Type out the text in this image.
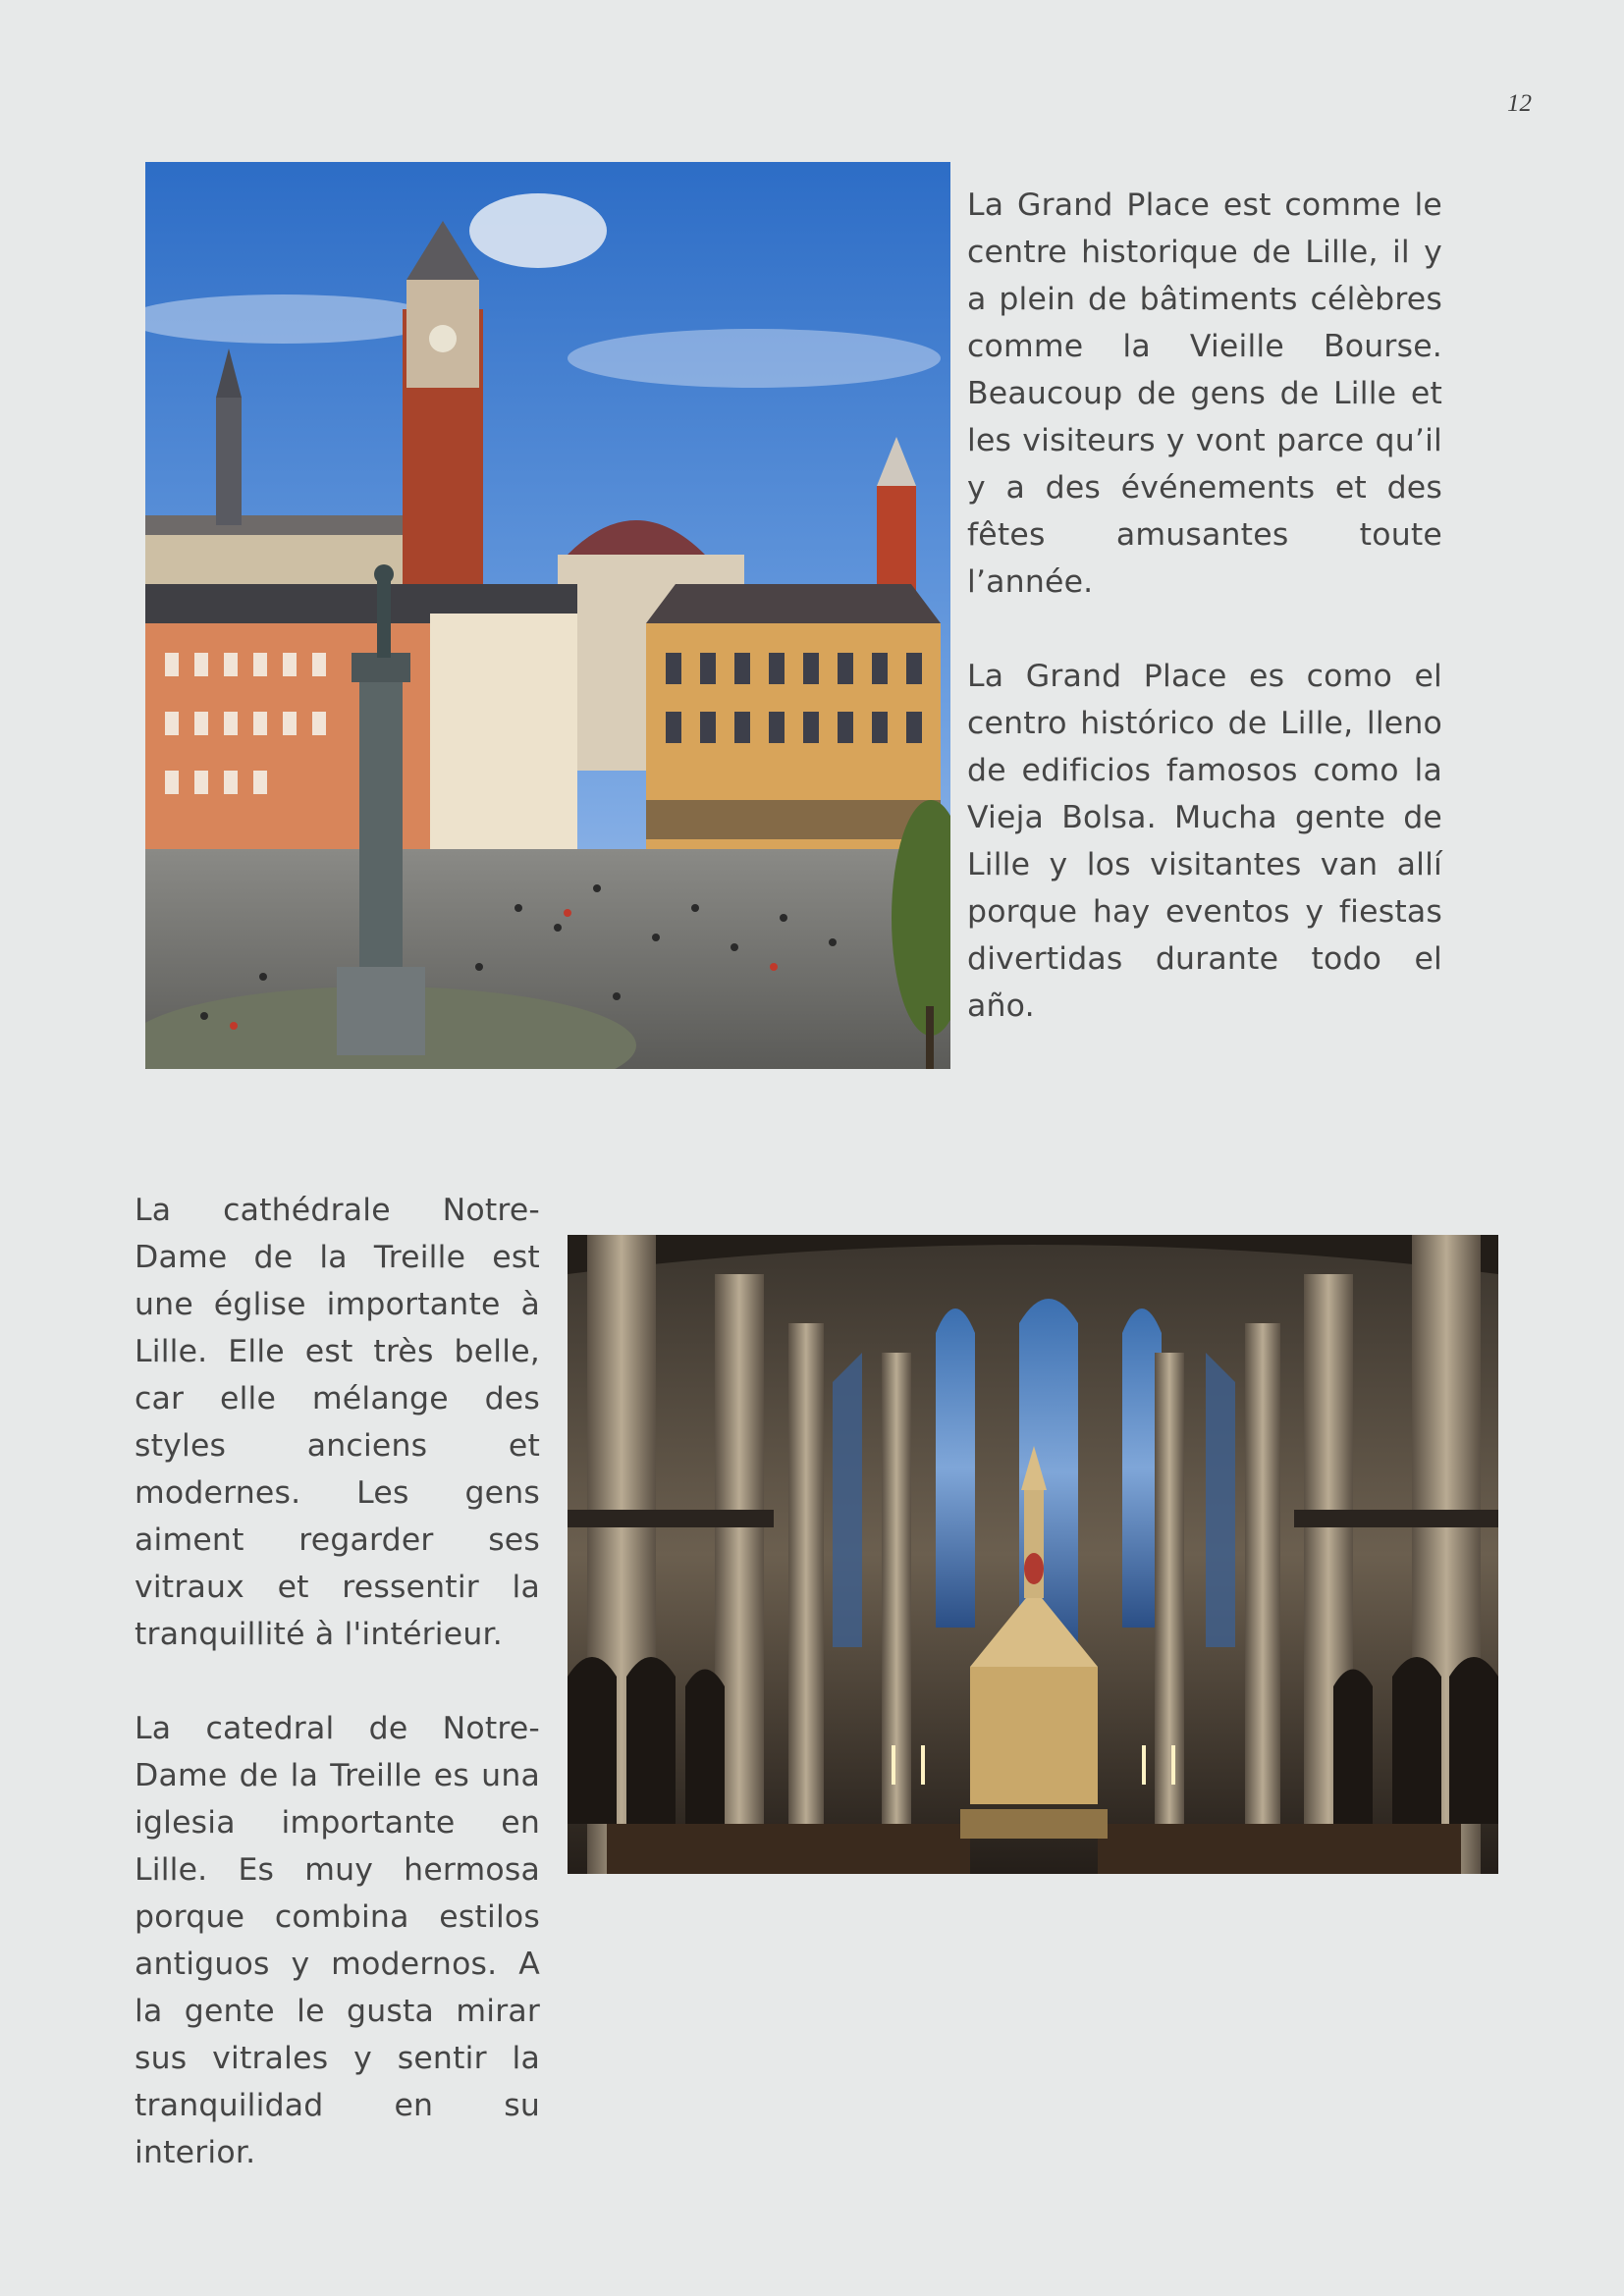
12

La Grand Place est comme le centre historique de Lille, il y a plein de bâtiments célèbres comme la Vieille Bourse. Beaucoup de gens de Lille et les visiteurs y vont parce qu’il y a des événements et des fêtes amusantes toute l’année.

La Grand Place es como el centro histórico de Lille, lleno de edificios famosos como la Vieja Bolsa. Mucha gente de Lille y los visitantes van allí porque hay eventos y fiestas divertidas durante todo el año.

La cathédrale Notre-Dame de la Treille est une église importante à Lille. Elle est très belle, car elle mélange des styles anciens et modernes. Les gens aiment regarder ses vitraux et ressentir la tranquillité à l'intérieur.

La catedral de Notre-Dame de la Treille es una iglesia importante en Lille. Es muy hermosa porque combina estilos antiguos y modernos. A la gente le gusta mirar sus vitrales y sentir la tranquilidad en su interior.
